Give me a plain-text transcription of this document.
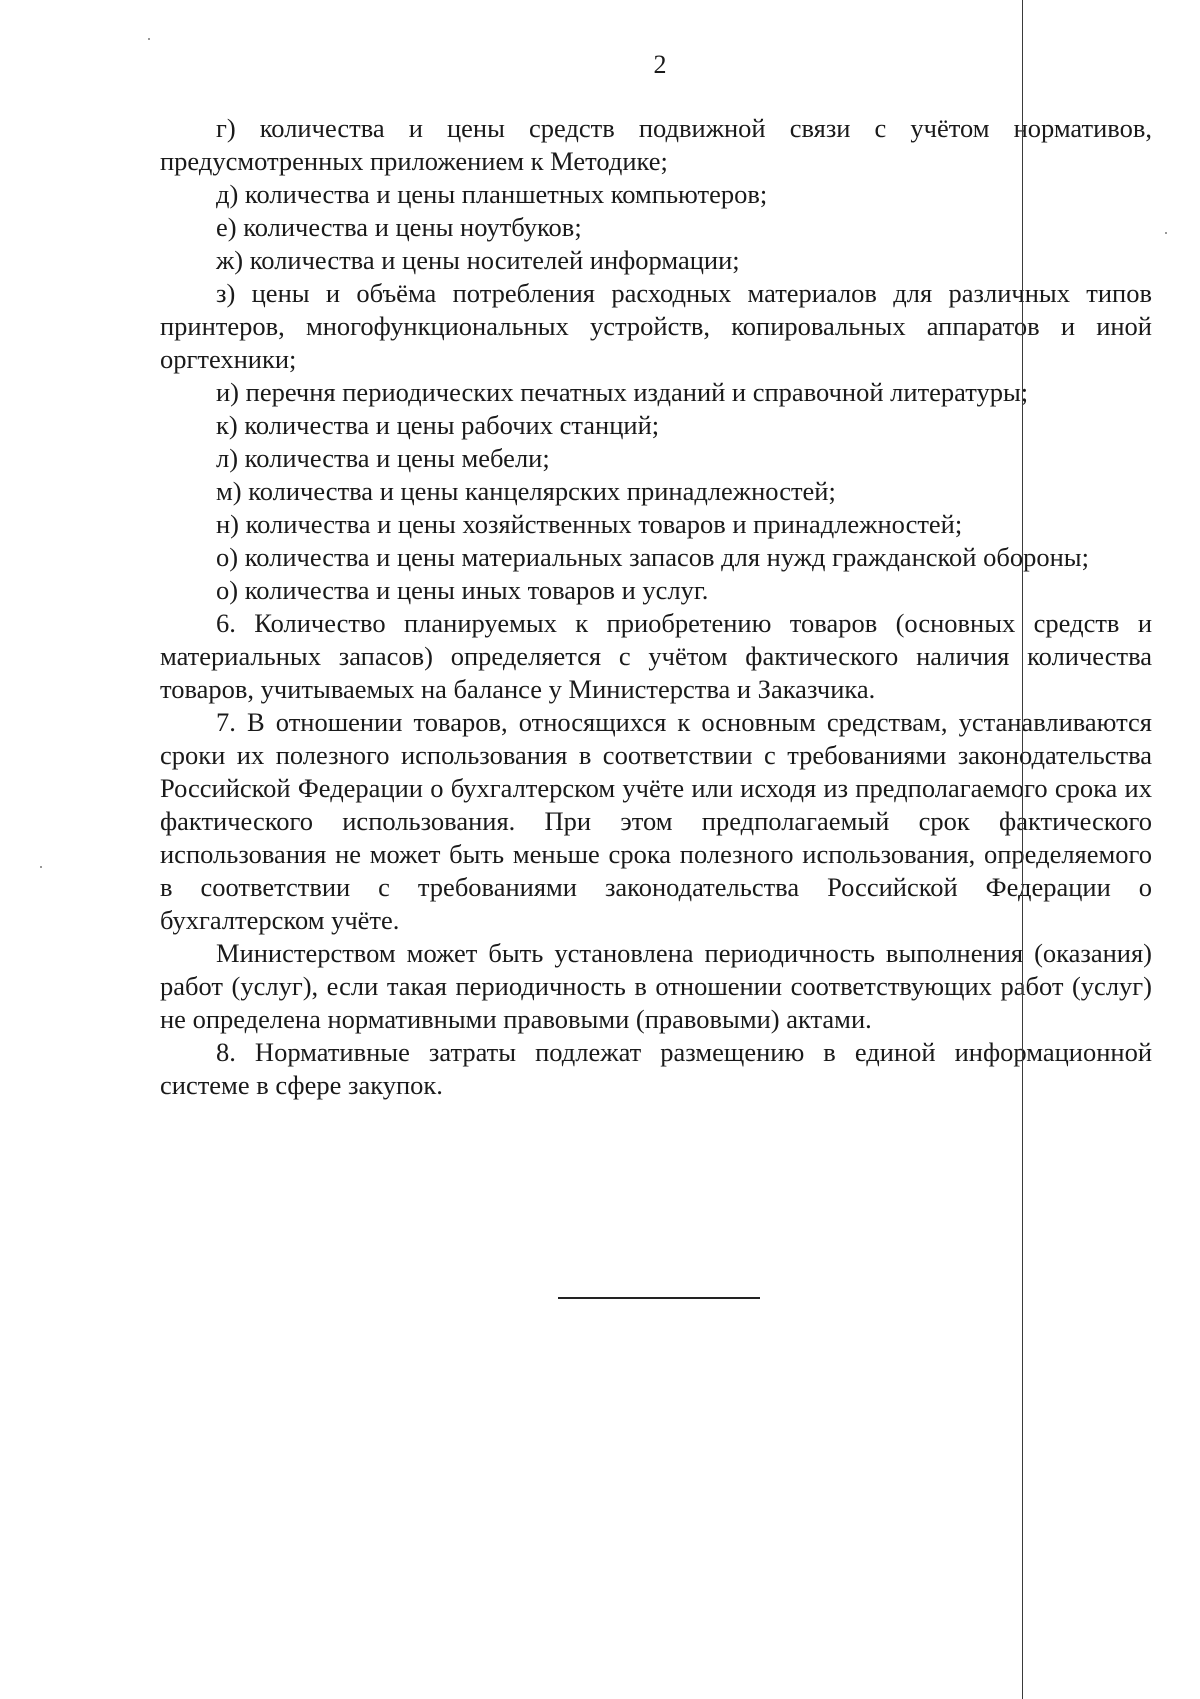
2

г) количества и цены средств подвижной связи с учётом нормативов, предусмотренных приложением к Методике;

д) количества и цены планшетных компьютеров;

е) количества и цены ноутбуков;

ж) количества и цены носителей информации;

з) цены и объёма потребления расходных материалов для различных типов принтеров, многофункциональных устройств, копировальных аппаратов и иной оргтехники;

и) перечня периодических печатных изданий и справочной литературы;

к) количества и цены рабочих станций;

л) количества и цены мебели;

м) количества и цены канцелярских принадлежностей;

н) количества и цены хозяйственных товаров и принадлежностей;

о) количества и цены материальных запасов для нужд гражданской обороны;

о) количества и цены иных товаров и услуг.

6. Количество планируемых к приобретению товаров (основных средств и материальных запасов) определяется с учётом фактического наличия количества товаров, учитываемых на балансе у Министерства и Заказчика.

7. В отношении товаров, относящихся к основным средствам, устанавливаются сроки их полезного использования в соответствии с требованиями законодательства Российской Федерации о бухгалтерском учёте или исходя из предполагаемого срока их фактического использования. При этом предполагаемый срок фактического использования не может быть меньше срока полезного использования, определяемого в соответствии с требованиями законодательства Российской Федерации о бухгалтерском учёте.

Министерством может быть установлена периодичность выполнения (оказания) работ (услуг), если такая периодичность в отношении соответствующих работ (услуг) не определена нормативными правовыми (правовыми) актами.

8. Нормативные затраты подлежат размещению в единой информационной системе в сфере закупок.
